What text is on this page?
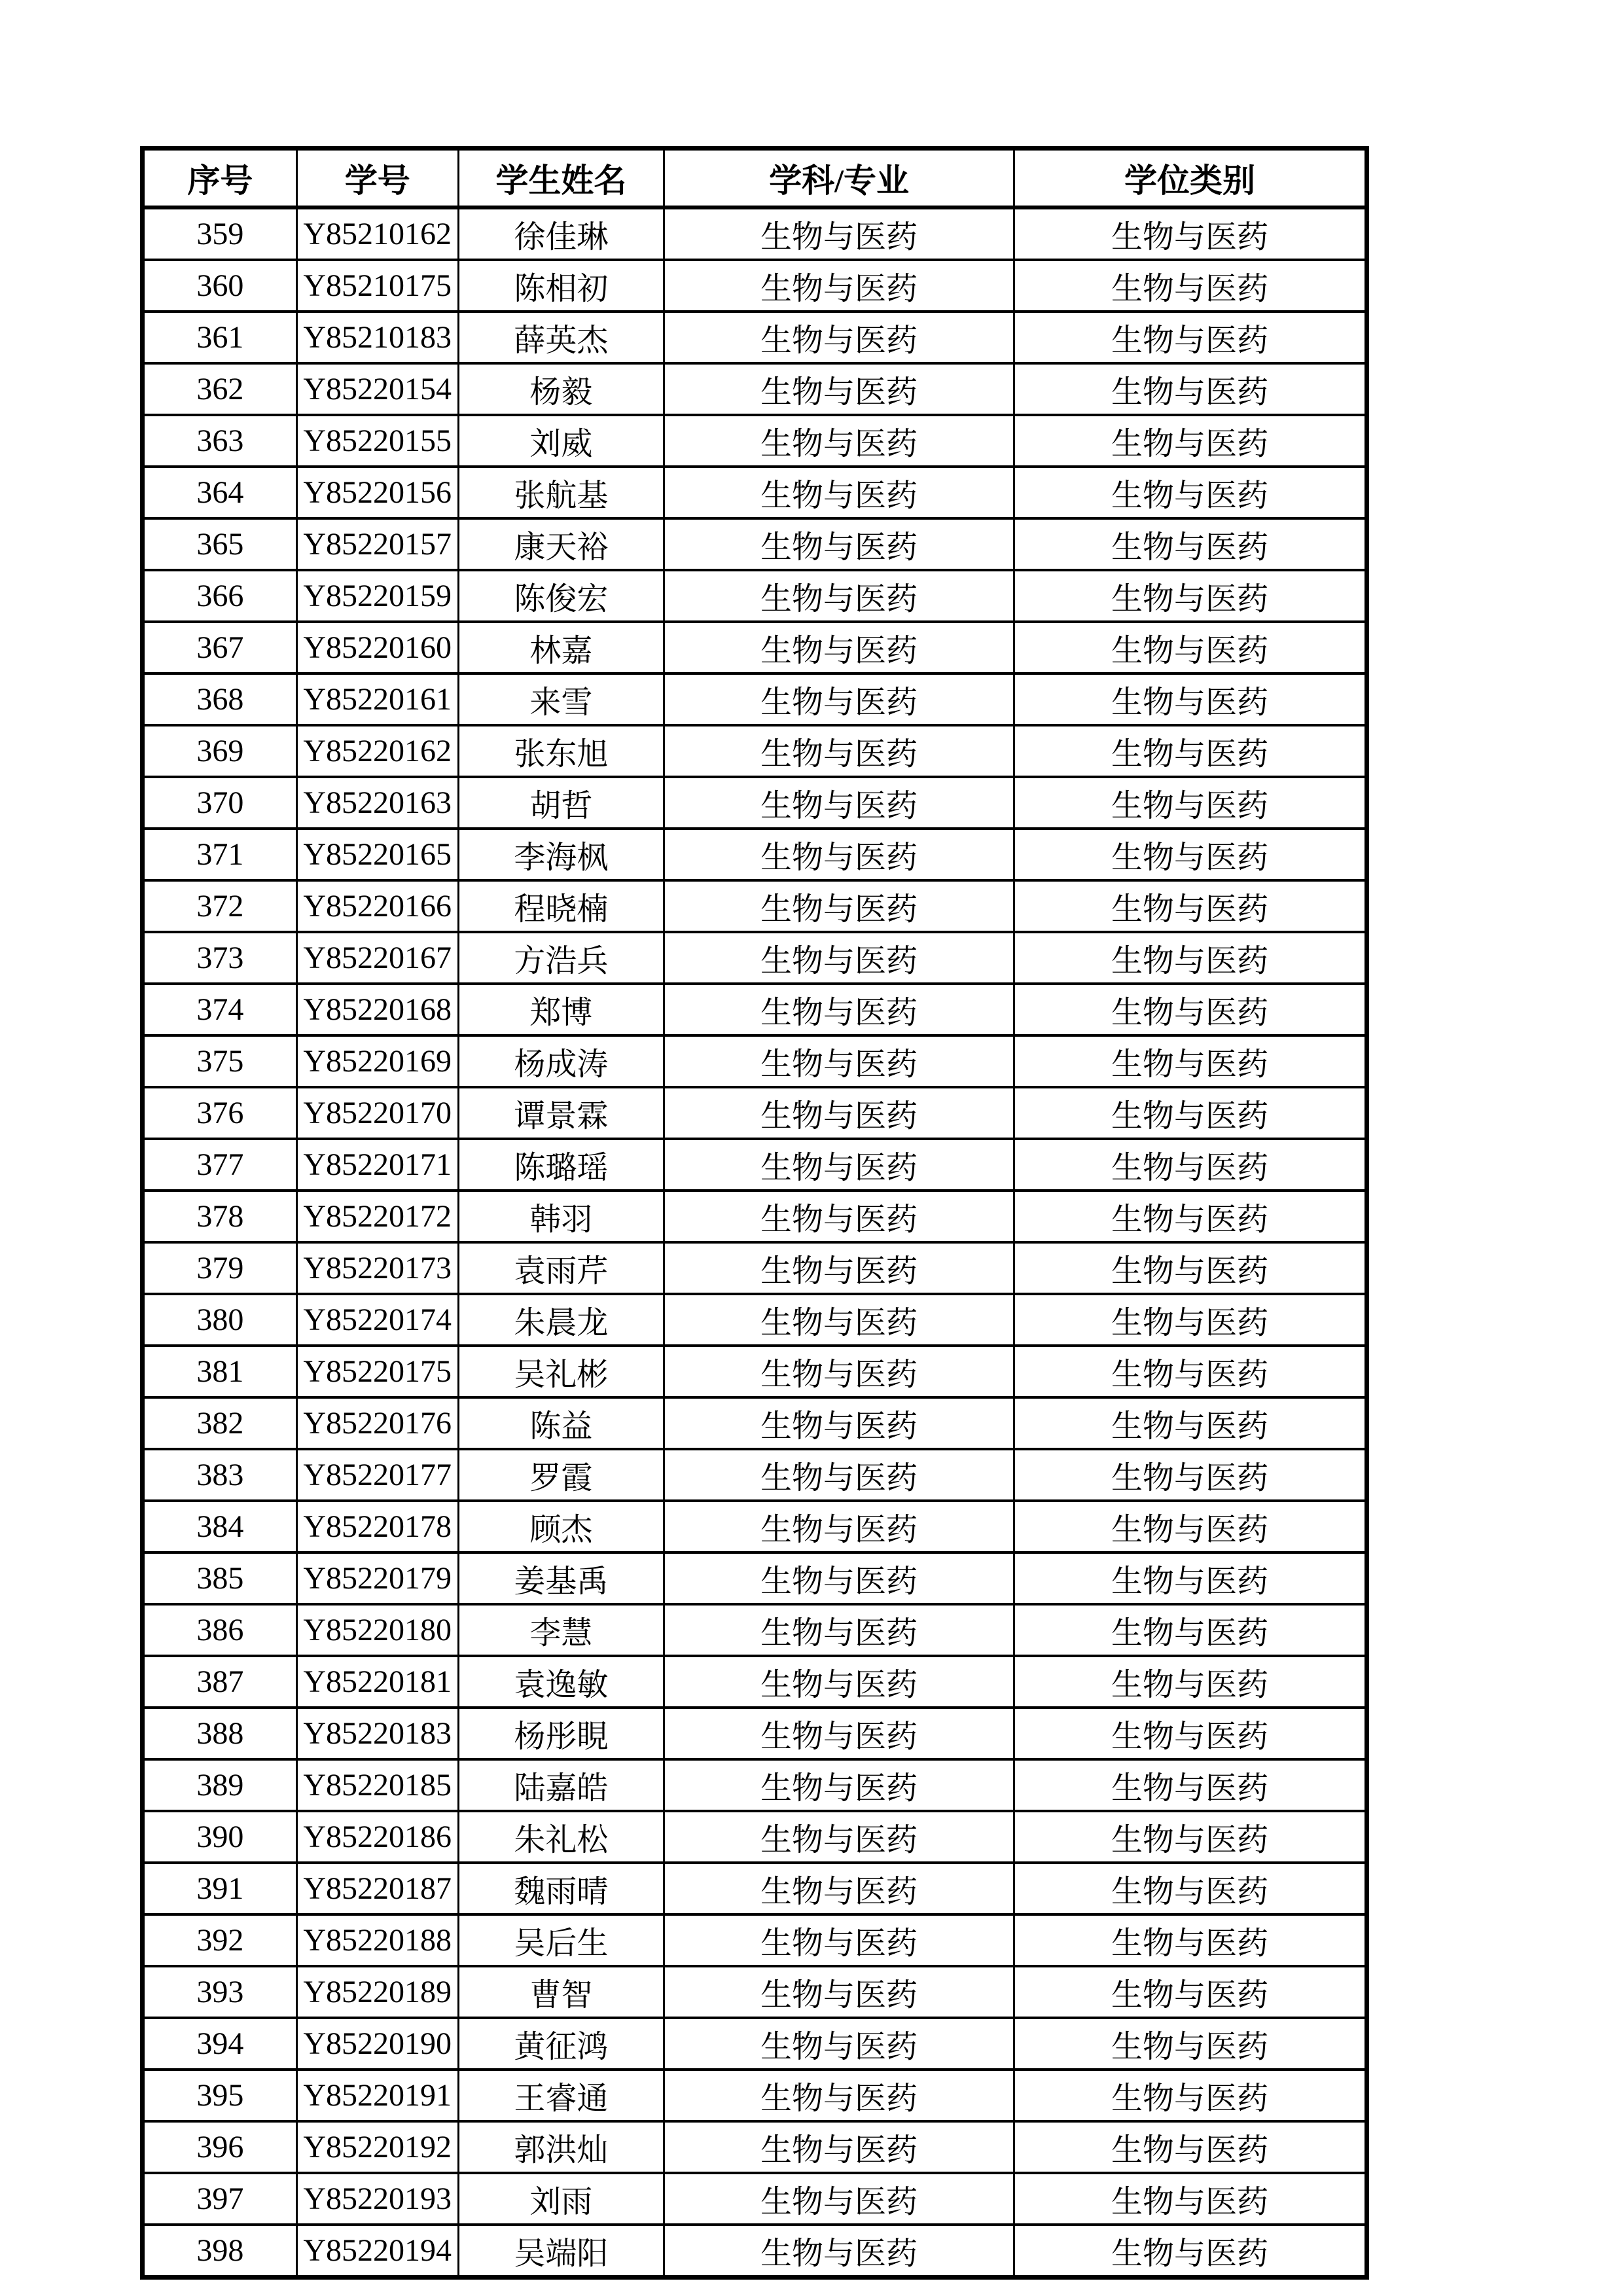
序号	学号	学生姓名	学科/专业	学位类别
359	Y85210162	徐佳琳	生物与医药	生物与医药
360	Y85210175	陈相初	生物与医药	生物与医药
361	Y85210183	薛英杰	生物与医药	生物与医药
362	Y85220154	杨毅	生物与医药	生物与医药
363	Y85220155	刘威	生物与医药	生物与医药
364	Y85220156	张航基	生物与医药	生物与医药
365	Y85220157	康天裕	生物与医药	生物与医药
366	Y85220159	陈俊宏	生物与医药	生物与医药
367	Y85220160	林嘉	生物与医药	生物与医药
368	Y85220161	来雪	生物与医药	生物与医药
369	Y85220162	张东旭	生物与医药	生物与医药
370	Y85220163	胡哲	生物与医药	生物与医药
371	Y85220165	李海枫	生物与医药	生物与医药
372	Y85220166	程晓楠	生物与医药	生物与医药
373	Y85220167	方浩兵	生物与医药	生物与医药
374	Y85220168	郑博	生物与医药	生物与医药
375	Y85220169	杨成涛	生物与医药	生物与医药
376	Y85220170	谭景霖	生物与医药	生物与医药
377	Y85220171	陈璐瑶	生物与医药	生物与医药
378	Y85220172	韩羽	生物与医药	生物与医药
379	Y85220173	袁雨芹	生物与医药	生物与医药
380	Y85220174	朱晨龙	生物与医药	生物与医药
381	Y85220175	吴礼彬	生物与医药	生物与医药
382	Y85220176	陈益	生物与医药	生物与医药
383	Y85220177	罗霞	生物与医药	生物与医药
384	Y85220178	顾杰	生物与医药	生物与医药
385	Y85220179	姜基禹	生物与医药	生物与医药
386	Y85220180	李慧	生物与医药	生物与医药
387	Y85220181	袁逸敏	生物与医药	生物与医药
388	Y85220183	杨彤睍	生物与医药	生物与医药
389	Y85220185	陆嘉皓	生物与医药	生物与医药
390	Y85220186	朱礼松	生物与医药	生物与医药
391	Y85220187	魏雨晴	生物与医药	生物与医药
392	Y85220188	吴后生	生物与医药	生物与医药
393	Y85220189	曹智	生物与医药	生物与医药
394	Y85220190	黄征鸿	生物与医药	生物与医药
395	Y85220191	王睿通	生物与医药	生物与医药
396	Y85220192	郭洪灿	生物与医药	生物与医药
397	Y85220193	刘雨	生物与医药	生物与医药
398	Y85220194	吴端阳	生物与医药	生物与医药
